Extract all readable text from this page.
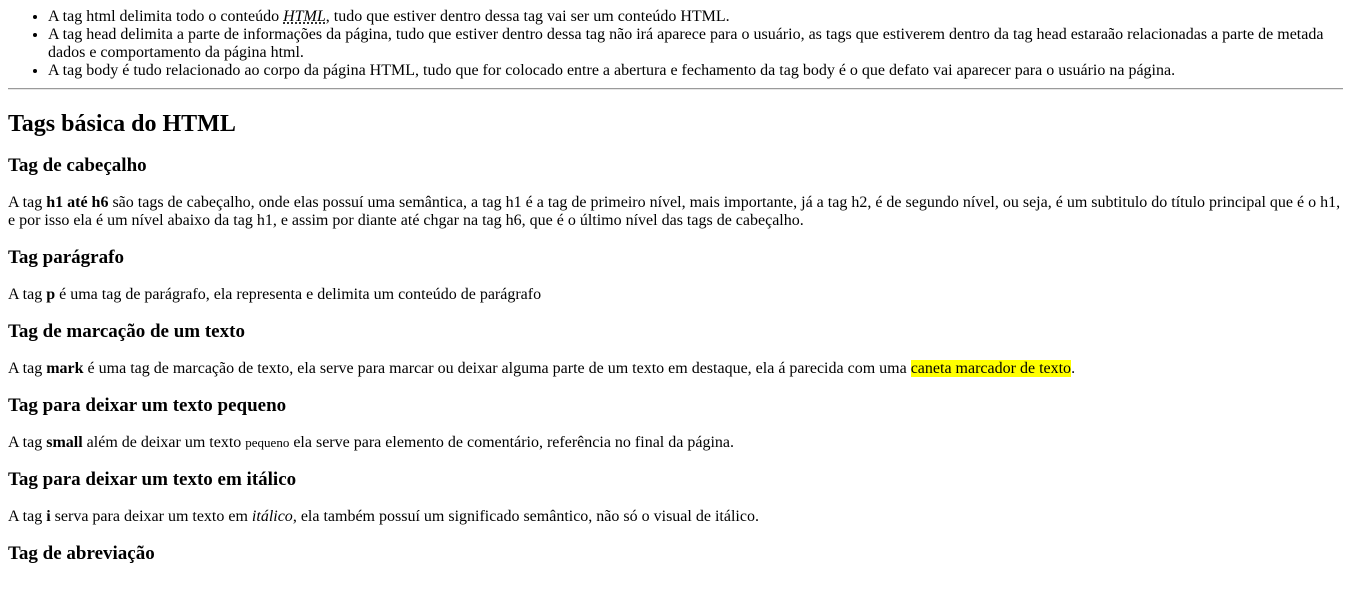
• A tag html delimita todo o conteúdo HTML, tudo que estiver dentro dessa tag vai ser um conteúdo HTML.
• A tag head delimita a parte de informações da página, tudo que estiver dentro dessa tag não irá aparece para o usuário, as tags que estiverem dentro da tag head estaraão relacionadas a parte de metada dados e comportamento da página html.
• A tag body é tudo relacionado ao corpo da página HTML, tudo que for colocado entre a abertura e fechamento da tag body é o que defato vai aparecer para o usuário na página.
Tags básica do HTML
Tag de cabeçalho

A tag h1 até h6 são tags de cabeçalho, onde elas possuí uma semântica, a tag h1 é a tag de primeiro nível, mais importante, já a tag h2, é de segundo nível, ou seja, é um subtitulo do título principal que é o h1, e por isso ela é um nível abaixo da tag h1, e assim por diante até chgar na tag h6, que é o último nível das tags de cabeçalho.

Tag parágrafo

A tag p é uma tag de parágrafo, ela representa e delimita um conteúdo de parágrafo

Tag de marcação de um texto

A tag mark é uma tag de marcação de texto, ela serve para marcar ou deixar alguma parte de um texto em destaque, ela á parecida com uma caneta marcador de texto.

Tag para deixar um texto pequeno

A tag small além de deixar um texto pequeno ela serve para elemento de comentário, referência no final da página.

Tag para deixar um texto em itálico

A tag i serva para deixar um texto em itálico, ela também possuí um significado semântico, não só o visual de itálico.

Tag de abreviação
